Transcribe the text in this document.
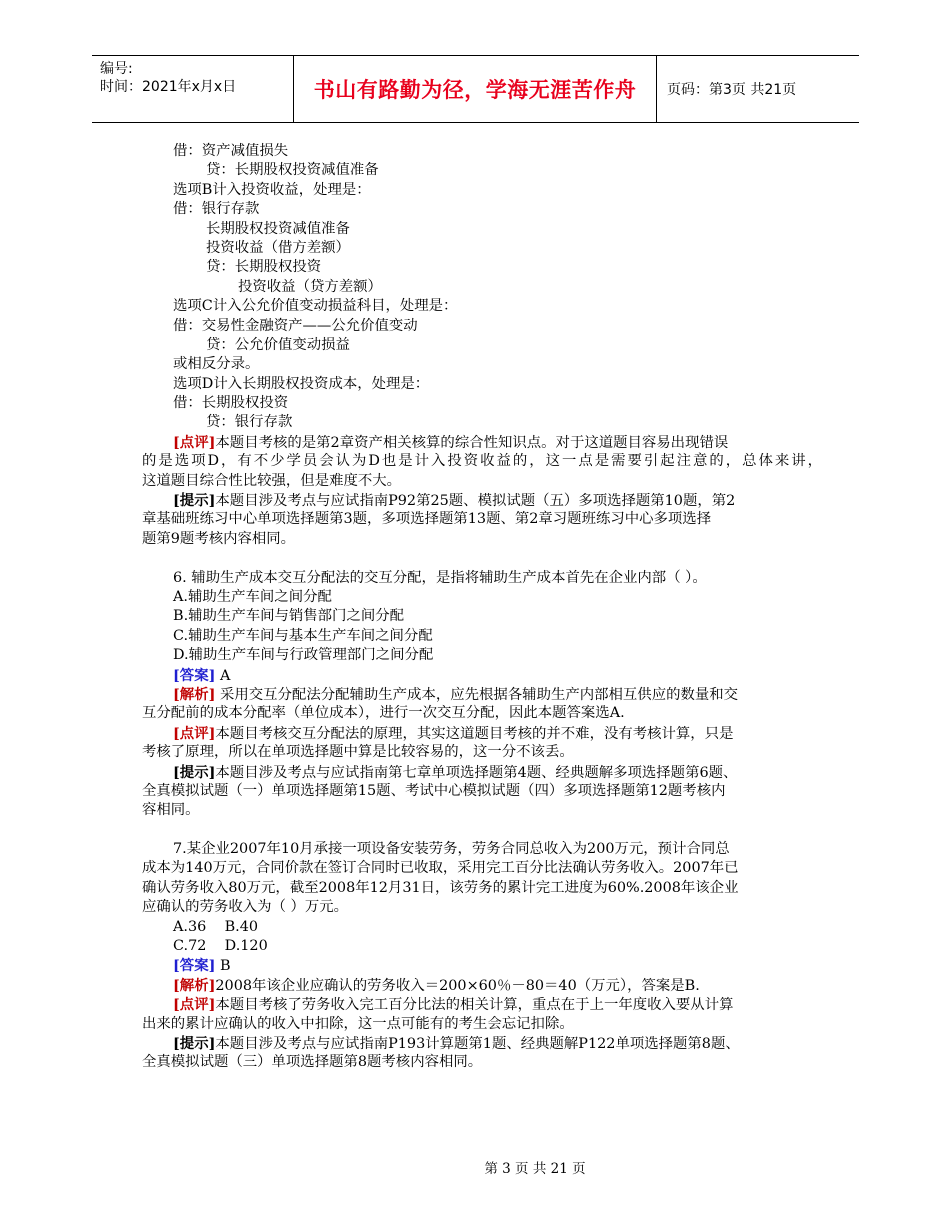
编号:
时间：2021年x月x日	书山有路勤为径，学海无涯苦作舟 页码：第3页 共21页
借：资产减值损失
贷：长期股权投资减值准备
选项B计入投资收益，处理是：
借：银行存款
长期股权投资减值准备
投资收益（借方差额）
贷：长期股权投资
投资收益（贷方差额）
选项C计入公允价值变动损益科目，处理是：
借：交易性金融资产——公允价值变动
贷：公允价值变动损益
或相反分录。
选项D计入长期股权投资成本，处理是：
借：长期股权投资
贷：银行存款
[点评]本题目考核的是第2章资产相关核算的综合性知识点。对于这道题目容易出现错误
的是选项D，有不少学员会认为D也是计入投资收益的，这一点是需要引起注意的，总体来讲，
这道题目综合性比较强，但是难度不大。
[提示]本题目涉及考点与应试指南P92第25题、模拟试题（五）多项选择题第10题，第2
章基础班练习中心单项选择题第3题，多项选择题第13题、第2章习题班练习中心多项选择
题第9题考核内容相同。
6. 辅助生产成本交互分配法的交互分配，是指将辅助生产成本首先在企业内部（ ）。
A.辅助生产车间之间分配
B.辅助生产车间与销售部门之间分配
C.辅助生产车间与基本生产车间之间分配
D.辅助生产车间与行政管理部门之间分配
[答案] A
[解析] 采用交互分配法分配辅助生产成本，应先根据各辅助生产内部相互供应的数量和交
互分配前的成本分配率（单位成本），进行一次交互分配，因此本题答案选A.
[点评]本题目考核交互分配法的原理，其实这道题目考核的并不难，没有考核计算，只是
考核了原理，所以在单项选择题中算是比较容易的，这一分不该丢。
[提示]本题目涉及考点与应试指南第七章单项选择题第4题、经典题解多项选择题第6题、
全真模拟试题（一）单项选择题第15题、考试中心模拟试题（四）多项选择题第12题考核内
容相同。
7.某企业2007年10月承接一项设备安装劳务，劳务合同总收入为200万元，预计合同总
成本为140万元，合同价款在签订合同时已收取，采用完工百分比法确认劳务收入。2007年已
确认劳务收入80万元，截至2008年12月31日，该劳务的累计完工进度为60%.2008年该企业
应确认的劳务收入为（ ）万元。
A.36    B.40
C.72    D.120
[答案] B
[解析]2008年该企业应确认的劳务收入＝200×60％－80＝40（万元），答案是B.
[点评]本题目考核了劳务收入完工百分比法的相关计算，重点在于上一年度收入要从计算
出来的累计应确认的收入中扣除，这一点可能有的考生会忘记扣除。
[提示]本题目涉及考点与应试指南P193计算题第1题、经典题解P122单项选择题第8题、
全真模拟试题（三）单项选择题第8题考核内容相同。
第 3 页 共 21 页
